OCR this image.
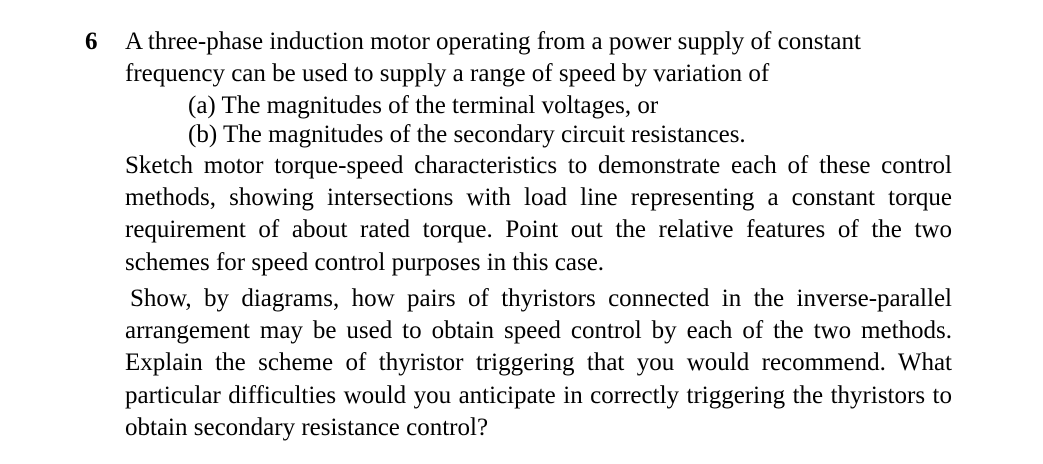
6 A three-phase induction motor operating from a power supply of constant frequency can be used to supply a range of speed by variation of

(a) The magnitudes of the terminal voltages, or

(b) The magnitudes of the secondary circuit resistances.

Sketch motor torque-speed characteristics to demonstrate each of these control methods, showing intersections with load line representing a constant torque requirement of about rated torque. Point out the relative features of the two schemes for speed control purposes in this case.

Show, by diagrams, how pairs of thyristors connected in the inverse-parallel arrangement may be used to obtain speed control by each of the two methods. Explain the scheme of thyristor triggering that you would recommend. What particular difficulties would you anticipate in correctly triggering the thyristors to obtain secondary resistance control?
